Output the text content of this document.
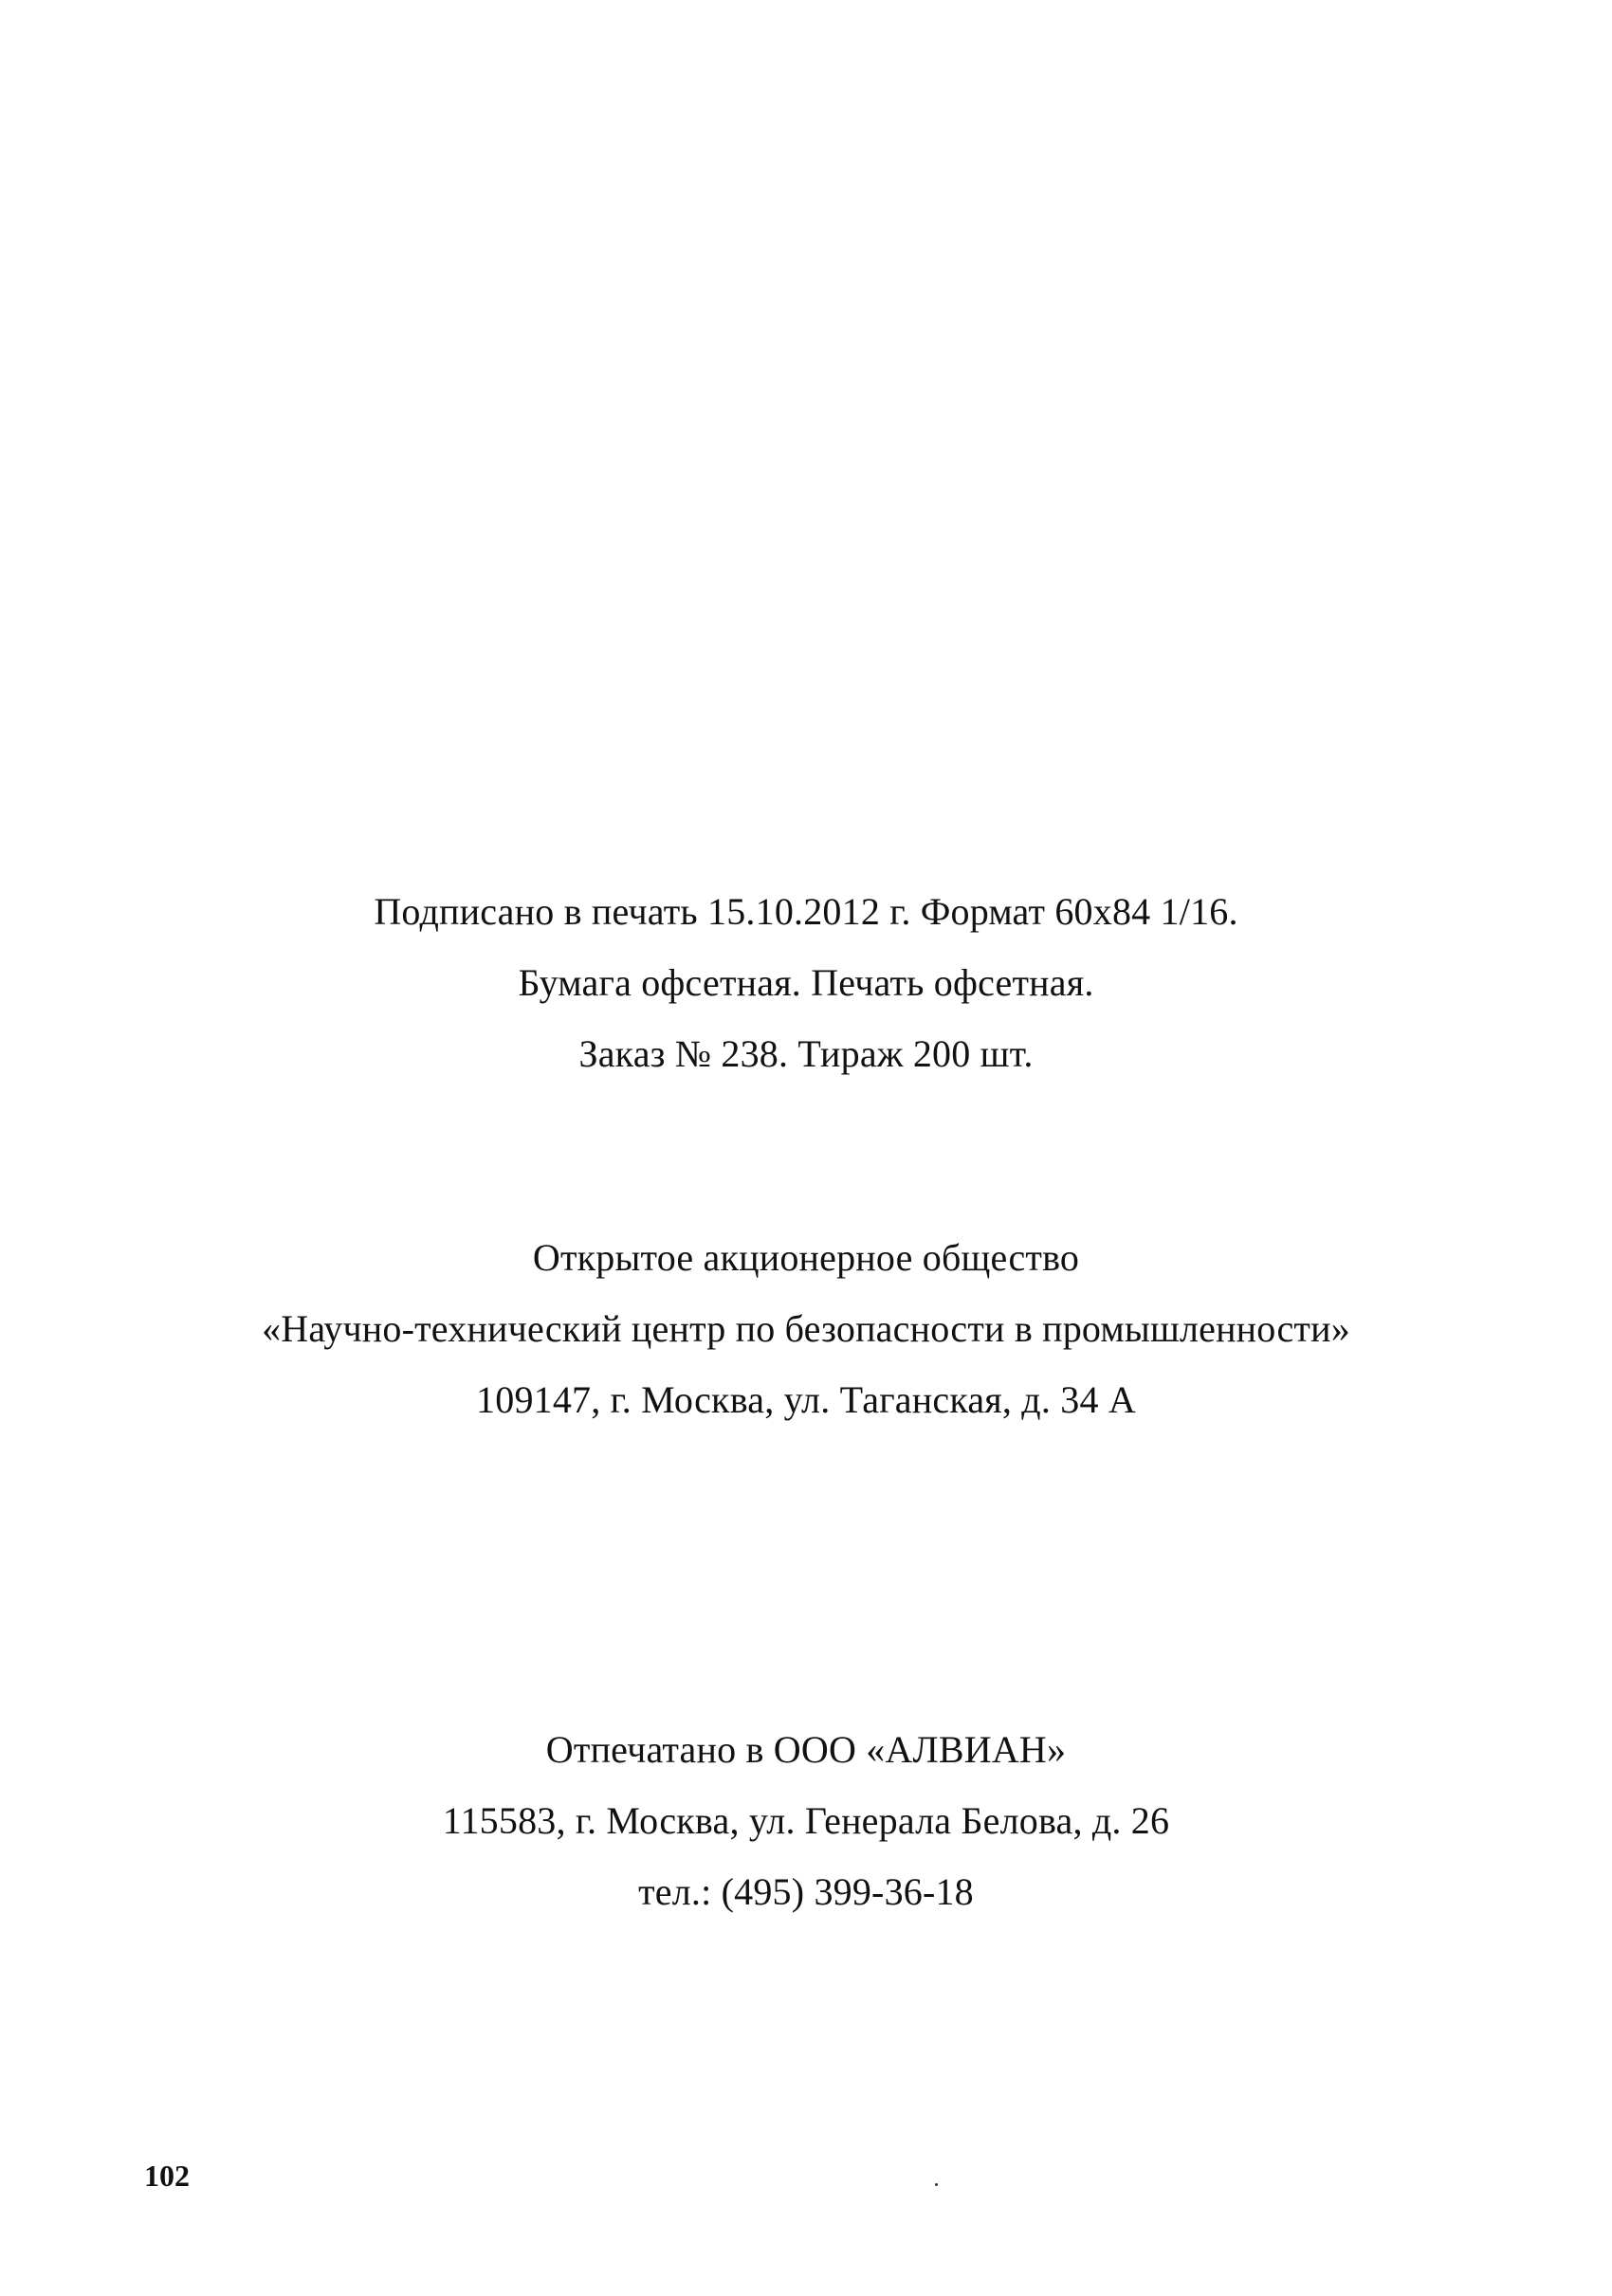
Подписано в печать 15.10.2012 г. Формат 60x84 1/16.
Бумага офсетная. Печать офсетная.
Заказ № 238. Тираж 200 шт.
Открытое акционерное общество
«Научно-технический центр по безопасности в промышленности»
109147, г. Москва, ул. Таганская, д. 34 А
Отпечатано в ООО «АЛВИАН»
115583, г. Москва, ул. Генерала Белова, д. 26
тел.: (495) 399-36-18
102
